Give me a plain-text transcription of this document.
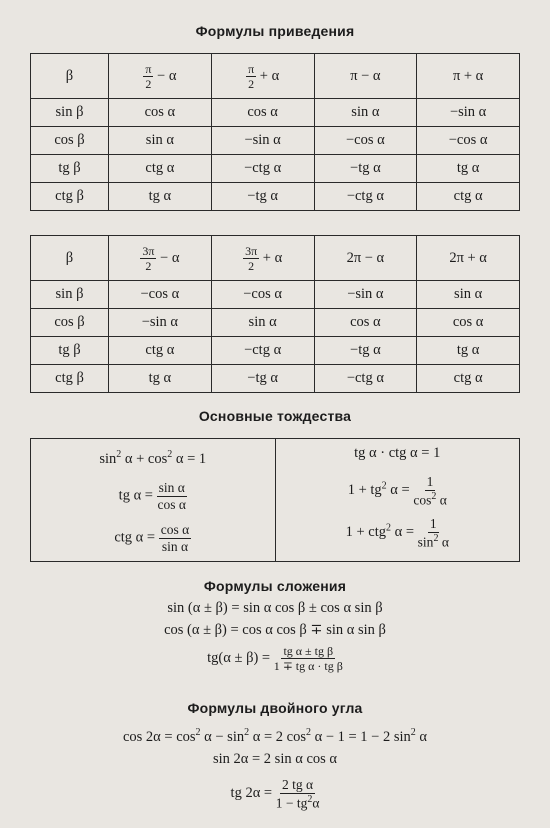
Формулы приведения
β	$\frac{\pi}{2} - \alpha$	$\frac{\pi}{2} + \alpha$	π − α	π + α
sin β	cos α	cos α	sin α	−sin α
cos β	sin α	−sin α	−cos α	−cos α
tg β	ctg α	−ctg α	−tg α	tg α
ctg β	tg α	−tg α	−ctg α	ctg α
β	$\frac{3\pi}{2} - \alpha$	$\frac{3\pi}{2} + \alpha$	2π − α	2π + α
sin β	−cos α	−cos α	−sin α	sin α
cos β	−sin α	sin α	cos α	cos α
tg β	ctg α	−ctg α	−tg α	tg α
ctg β	tg α	−tg α	−ctg α	ctg α
Основные тождества
$\sin^2 \alpha + \cos^2 \alpha = 1$
tg $\alpha = \frac{\text{sin α}}{\text{cos α}}$
ctg $\alpha = \frac{\text{cos α}}{\text{sin α}}$
tg α · ctg α = 1
$1 + tg^2$ $\alpha = \frac{1}{\cos^2 \alpha}$
1 + ctg$^2$ $\alpha = \frac{1}{\sin^2 \alpha}$
Формулы сложения
sin (α ± β) = sin α cos β ± cos α sin β
cos (α ± β) = cos α cos β ∓ sin α sin β
$tg(\alpha \pm \beta) = \frac{\text{tg α ± tg β}}{\text{1 ∓ tg α · tg β}}$
Формулы двойного угла
$\cos 2\alpha = \cos^2 \alpha - \sin^2 \alpha = 2$ $\cos^2 \alpha - 1 = 1 - 2$ $\sin^2 \alpha$
sin 2α = 2 sin α cos α
tg $2\alpha = \frac{\text{2 tg α}}{1 - tg^2\alpha}$
